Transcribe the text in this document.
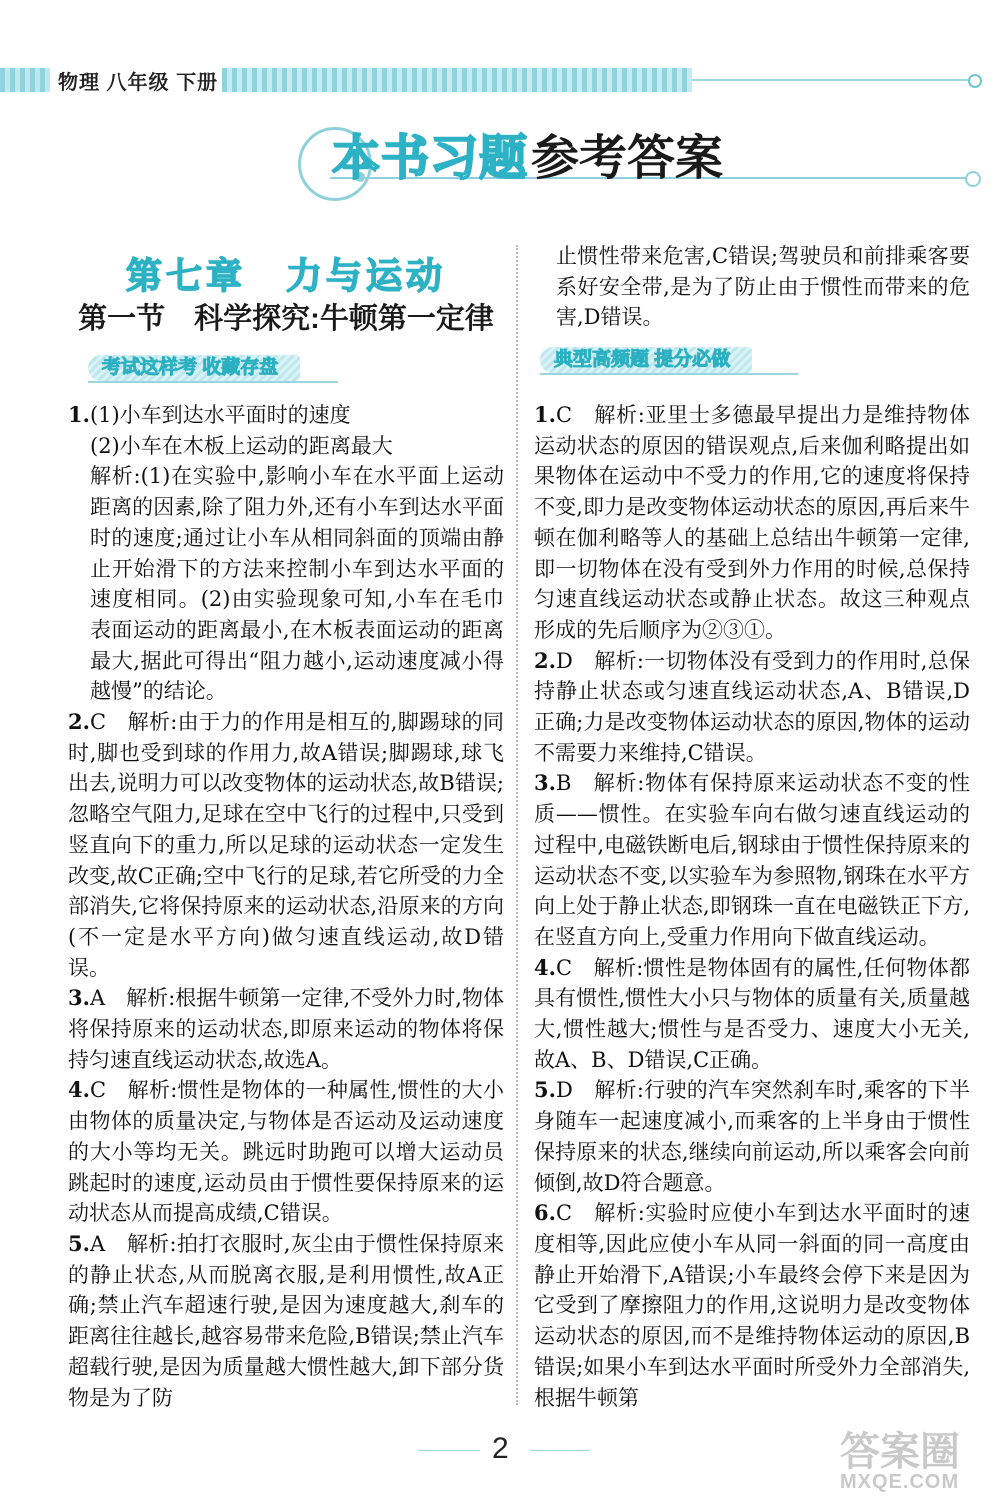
物理 八年级 下册
本书习题 参考答案
第七章　力与运动
第一节　科学探究:牛顿第一定律
考试这样考 收藏存盘	典型高频题 提分必做

1.(1)小车到达水平面时的速度

(2)小车在木板上运动的距离最大

解析:(1)在实验中,影响小车在水平面上运动距离的因素,除了阻力外,还有小车到达水平面时的速度;通过让小车从相同斜面的顶端由静止开始滑下的方法来控制小车到达水平面的速度相同。(2)由实验现象可知,小车在毛巾表面运动的距离最小,在木板表面运动的距离最大,据此可得出“阻力越小,运动速度减小得越慢”的结论。

2.C　解析:由于力的作用是相互的,脚踢球的同时,脚也受到球的作用力,故A错误;脚踢球,球飞出去,说明力可以改变物体的运动状态,故B错误;忽略空气阻力,足球在空中飞行的过程中,只受到竖直向下的重力,所以足球的运动状态一定发生改变,故C正确;空中飞行的足球,若它所受的力全部消失,它将保持原来的运动状态,沿原来的方向(不一定是水平方向)做匀速直线运动,故D错误。

3.A　解析:根据牛顿第一定律,不受外力时,物体将保持原来的运动状态,即原来运动的物体将保持匀速直线运动状态,故选A。

4.C　解析:惯性是物体的一种属性,惯性的大小由物体的质量决定,与物体是否运动及运动速度的大小等均无关。跳远时助跑可以增大运动员跳起时的速度,运动员由于惯性要保持原来的运动状态从而提高成绩,C错误。

5.A　解析:拍打衣服时,灰尘由于惯性保持原来的静止状态,从而脱离衣服,是利用惯性,故A正确;禁止汽车超速行驶,是因为速度越大,刹车的距离往往越长,越容易带来危险,B错误;禁止汽车超载行驶,是因为质量越大惯性越大,卸下部分货物是为了防

止惯性带来危害,C错误;驾驶员和前排乘客要系好安全带,是为了防止由于惯性而带来的危害,D错误。

1.C　解析:亚里士多德最早提出力是维持物体运动状态的原因的错误观点,后来伽利略提出如果物体在运动中不受力的作用,它的速度将保持不变,即力是改变物体运动状态的原因,再后来牛顿在伽利略等人的基础上总结出牛顿第一定律,即一切物体在没有受到外力作用的时候,总保持匀速直线运动状态或静止状态。故这三种观点形成的先后顺序为②③①。

2.D　解析:一切物体没有受到力的作用时,总保持静止状态或匀速直线运动状态,A、B错误,D正确;力是改变物体运动状态的原因,物体的运动不需要力来维持,C错误。

3.B　解析:物体有保持原来运动状态不变的性质——惯性。在实验车向右做匀速直线运动的过程中,电磁铁断电后,钢球由于惯性保持原来的运动状态不变,以实验车为参照物,钢珠在水平方向上处于静止状态,即钢珠一直在电磁铁正下方,在竖直方向上,受重力作用向下做直线运动。

4.C　解析:惯性是物体固有的属性,任何物体都具有惯性,惯性大小只与物体的质量有关,质量越大,惯性越大;惯性与是否受力、速度大小无关,故A、B、D错误,C正确。

5.D　解析:行驶的汽车突然刹车时,乘客的下半身随车一起速度减小,而乘客的上半身由于惯性保持原来的状态,继续向前运动,所以乘客会向前倾倒,故D符合题意。

6.C　解析:实验时应使小车到达水平面时的速度相等,因此应使小车从同一斜面的同一高度由静止开始滑下,A错误;小车最终会停下来是因为它受到了摩擦阻力的作用,这说明力是改变物体运动状态的原因,而不是维持物体运动的原因,B错误;如果小车到达水平面时所受外力全部消失,根据牛顿第

2	答案圈
MXQE.COM
